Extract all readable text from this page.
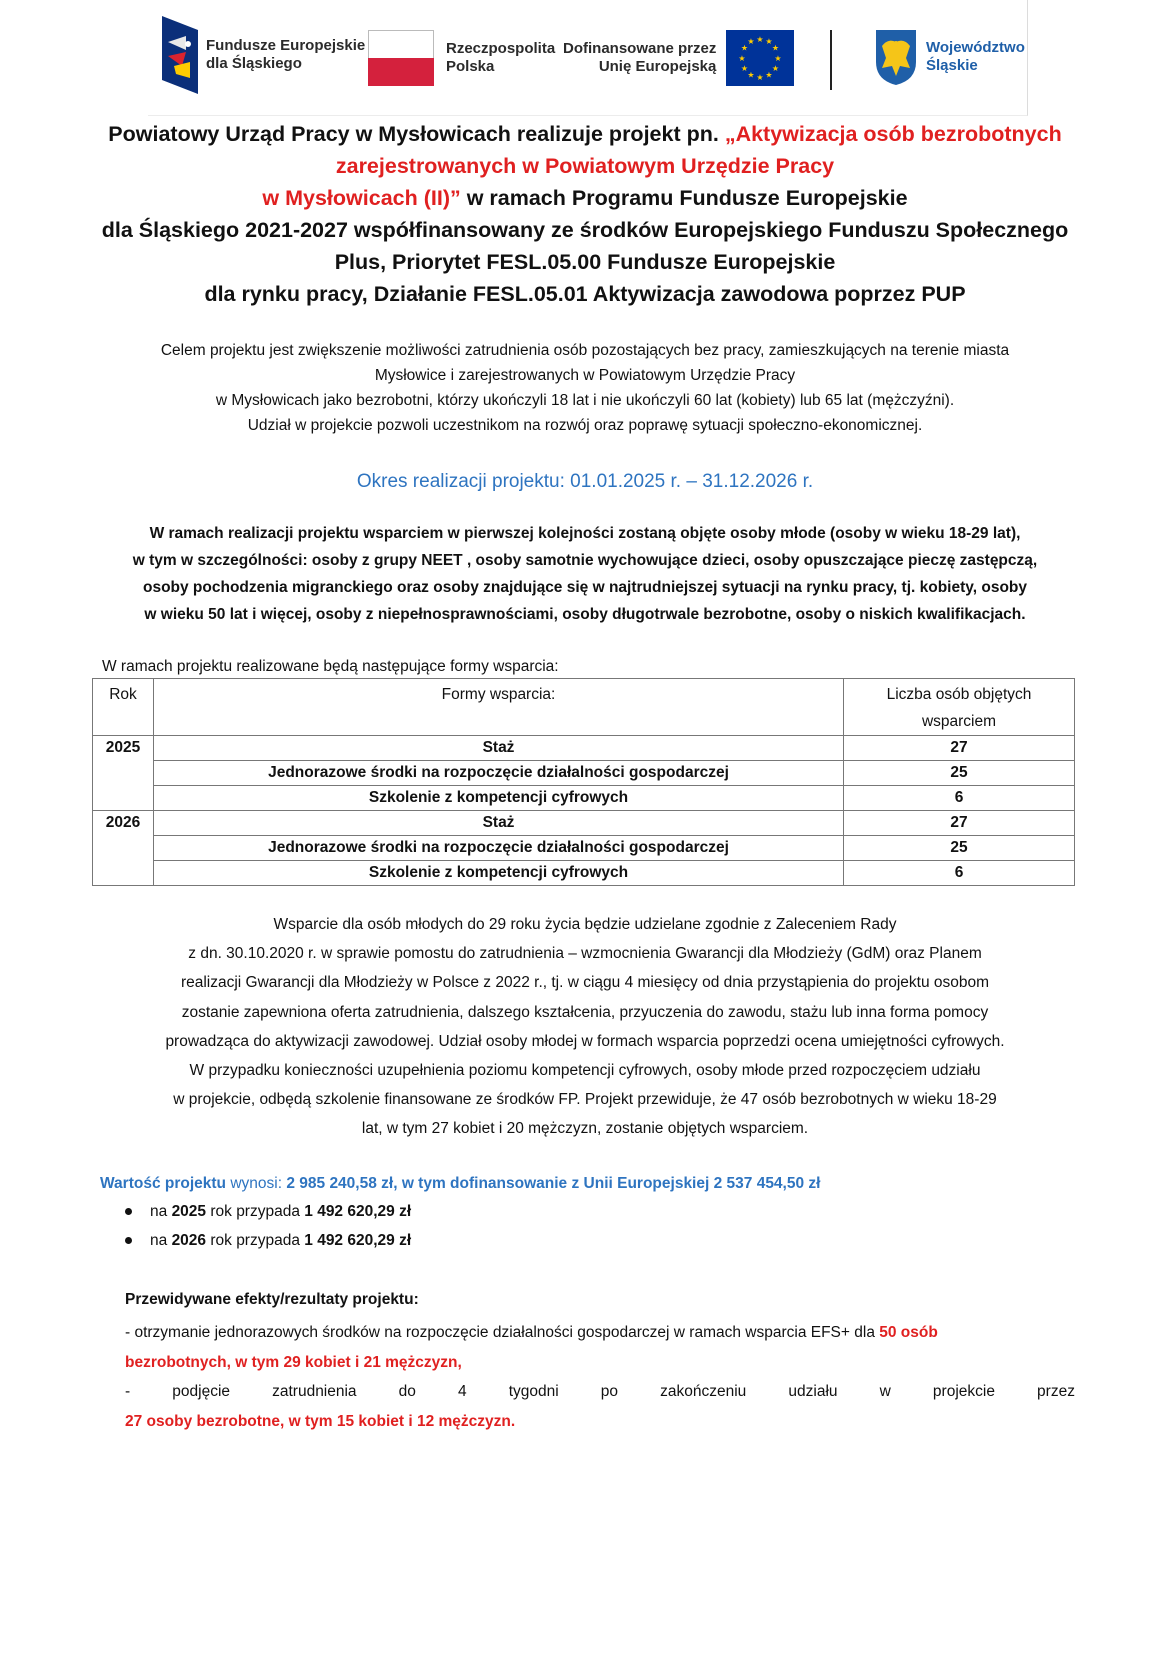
Fundusze Europejskie
dla Śląskiego
Rzeczpospolita
Polska
Dofinansowane przez
Unię Europejską
★ ★
★
★
★
★
★
★
★
★
★
★	Województwo
Śląskie
Powiatowy Urząd Pracy w Mysłowicach realizuje projekt pn. „Aktywizacja osób bezrobotnych zarejestrowanych w Powiatowym Urzędzie Pracy
w Mysłowicach (II)” w ramach Programu Fundusze Europejskie
dla Śląskiego 2021-2027 współfinansowany ze środków Europejskiego Funduszu Społecznego
Plus, Priorytet FESL.05.00 Fundusze Europejskie
dla rynku pracy, Działanie FESL.05.01 Aktywizacja zawodowa poprzez PUP
Celem projektu jest zwiększenie możliwości zatrudnienia osób pozostających bez pracy, zamieszkujących na terenie miasta
Mysłowice i zarejestrowanych w Powiatowym Urzędzie Pracy
w Mysłowicach jako bezrobotni, którzy ukończyli 18 lat i nie ukończyli 60 lat (kobiety) lub 65 lat (mężczyźni).
Udział w projekcie pozwoli uczestnikom na rozwój oraz poprawę sytuacji społeczno-ekonomicznej.
Okres realizacji projektu: 01.01.2025 r. – 31.12.2026 r.
W ramach realizacji projektu wsparciem w pierwszej kolejności zostaną objęte osoby młode (osoby w wieku 18-29 lat),
w tym w szczególności: osoby z grupy NEET , osoby samotnie wychowujące dzieci, osoby opuszczające pieczę zastępczą,
osoby pochodzenia migranckiego oraz osoby znajdujące się w najtrudniejszej sytuacji na rynku pracy, tj. kobiety, osoby
w wieku 50 lat i więcej, osoby z niepełnosprawnościami, osoby długotrwale bezrobotne, osoby o niskich kwalifikacjach.
W ramach projektu realizowane będą następujące formy wsparcia:
Rok	Formy wsparcia:	Liczba osób objętych wsparciem
2025	Staż	27
	Jednorazowe środki na rozpoczęcie działalności gospodarczej	25
	Szkolenie z kompetencji cyfrowych	6
2026	Staż	27
	Jednorazowe środki na rozpoczęcie działalności gospodarczej	25
	Szkolenie z kompetencji cyfrowych	6
Wsparcie dla osób młodych do 29 roku życia będzie udzielane zgodnie z Zaleceniem Rady
z dn. 30.10.2020 r. w sprawie pomostu do zatrudnienia – wzmocnienia Gwarancji dla Młodzieży (GdM) oraz Planem
realizacji Gwarancji dla Młodzieży w Polsce z 2022 r., tj. w ciągu 4 miesięcy od dnia przystąpienia do projektu osobom
zostanie zapewniona oferta zatrudnienia, dalszego kształcenia, przyuczenia do zawodu, stażu lub inna forma pomocy
prowadząca do aktywizacji zawodowej. Udział osoby młodej w formach wsparcia poprzedzi ocena umiejętności cyfrowych.
W przypadku konieczności uzupełnienia poziomu kompetencji cyfrowych, osoby młode przed rozpoczęciem udziału
w projekcie, odbędą szkolenie finansowane ze środków FP. Projekt przewiduje, że 47 osób bezrobotnych w wieku 18-29
lat, w tym 27 kobiet i 20 mężczyzn, zostanie objętych wsparciem.
Wartość projektu wynosi: 2 985 240,58 zł, w tym dofinansowanie z Unii Europejskiej 2 537 454,50 zł
na 2025 rok przypada 1 492 620,29 zł
na 2026 rok przypada 1 492 620,29 zł
Przewidywane efekty/rezultaty projektu:
- otrzymanie jednorazowych środków na rozpoczęcie działalności gospodarczej w ramach wsparcia EFS+ dla 50 osób
bezrobotnych, w tym 29 kobiet i 21 mężczyzn,
-	podjęcie	zatrudnienia	do	4	tygodni	po	zakończeniu	udziału	w	projekcie	przez
27 osoby bezrobotne, w tym 15 kobiet i 12 mężczyzn.
